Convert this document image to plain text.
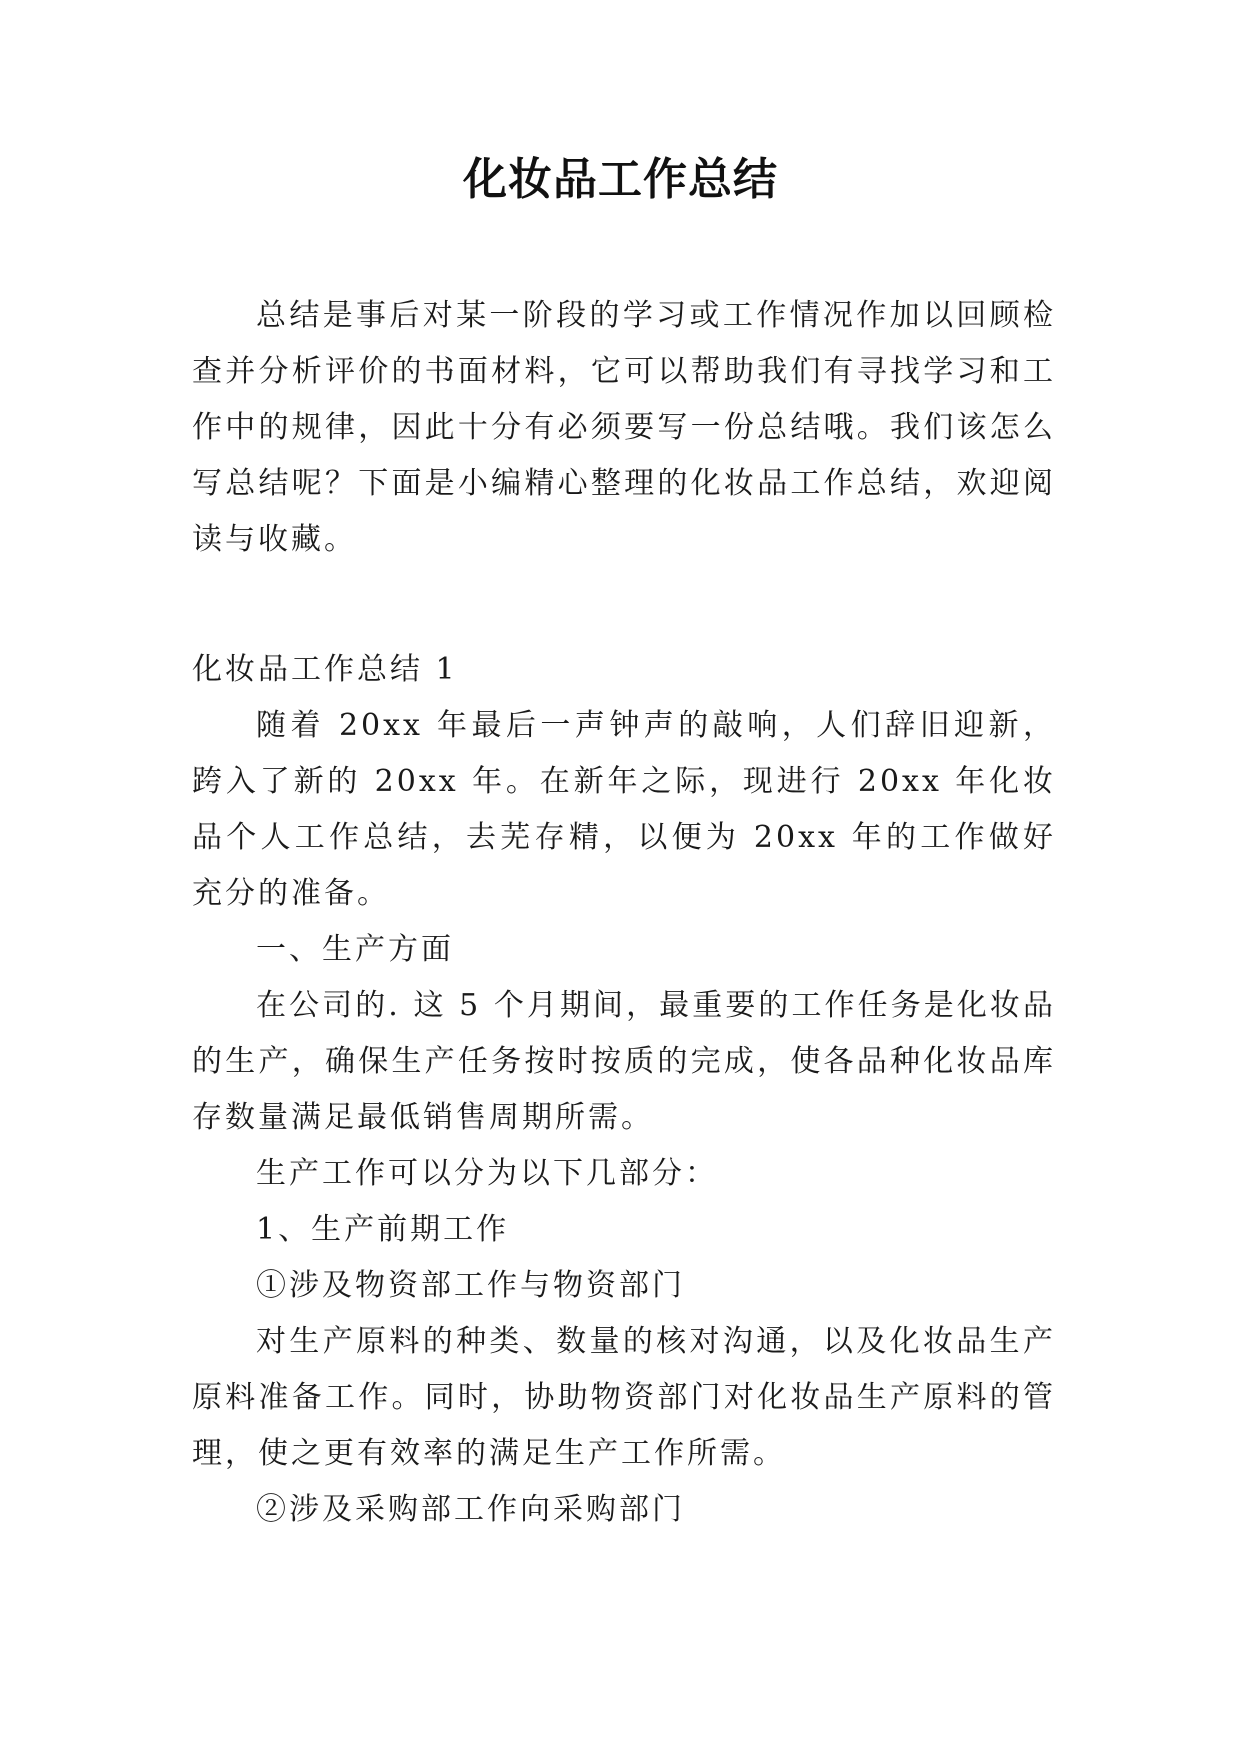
化妆品工作总结

总结是事后对某一阶段的学习或工作情况作加以回顾检查并分析评价的书面材料，它可以帮助我们有寻找学习和工作中的规律，因此十分有必须要写一份总结哦。我们该怎么写总结呢？下面是小编精心整理的化妆品工作总结，欢迎阅读与收藏。

化妆品工作总结 1

随着 20xx 年最后一声钟声的敲响，人们辞旧迎新，跨入了新的 20xx 年。在新年之际，现进行 20xx 年化妆品个人工作总结，去芜存精，以便为 20xx 年的工作做好充分的准备。

一、生产方面

在公司的. 这 5 个月期间，最重要的工作任务是化妆品的生产，确保生产任务按时按质的完成，使各品种化妆品库存数量满足最低销售周期所需。

生产工作可以分为以下几部分：

1、生产前期工作

①涉及物资部工作与物资部门

对生产原料的种类、数量的核对沟通，以及化妆品生产原料准备工作。同时，协助物资部门对化妆品生产原料的管理，使之更有效率的满足生产工作所需。

②涉及采购部工作向采购部门
